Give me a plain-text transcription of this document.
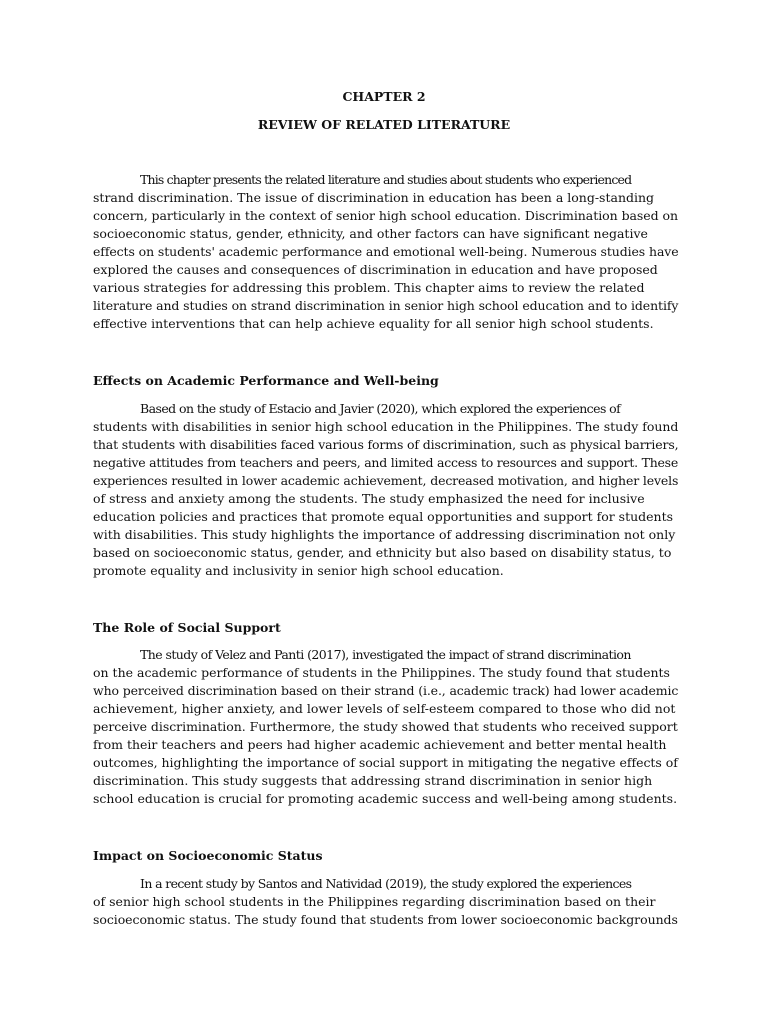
CHAPTER 2
REVIEW OF RELATED LITERATURE
This chapter presents the related literature and studies about students who experienced
strand discrimination. The issue of discrimination in education has been a long-standing
concern, particularly in the context of senior high school education. Discrimination based on
socioeconomic status, gender, ethnicity, and other factors can have significant negative
effects on students' academic performance and emotional well-being. Numerous studies have
explored the causes and consequences of discrimination in education and have proposed
various strategies for addressing this problem. This chapter aims to review the related
literature and studies on strand discrimination in senior high school education and to identify
effective interventions that can help achieve equality for all senior high school students.
Effects on Academic Performance and Well-being
Based on the study of Estacio and Javier (2020), which explored the experiences of
students with disabilities in senior high school education in the Philippines. The study found
that students with disabilities faced various forms of discrimination, such as physical barriers,
negative attitudes from teachers and peers, and limited access to resources and support. These
experiences resulted in lower academic achievement, decreased motivation, and higher levels
of stress and anxiety among the students. The study emphasized the need for inclusive
education policies and practices that promote equal opportunities and support for students
with disabilities. This study highlights the importance of addressing discrimination not only
based on socioeconomic status, gender, and ethnicity but also based on disability status, to
promote equality and inclusivity in senior high school education.
The Role of Social Support
The study of Velez and Panti (2017), investigated the impact of strand discrimination
on the academic performance of students in the Philippines. The study found that students
who perceived discrimination based on their strand (i.e., academic track) had lower academic
achievement, higher anxiety, and lower levels of self-esteem compared to those who did not
perceive discrimination. Furthermore, the study showed that students who received support
from their teachers and peers had higher academic achievement and better mental health
outcomes, highlighting the importance of social support in mitigating the negative effects of
discrimination. This study suggests that addressing strand discrimination in senior high
school education is crucial for promoting academic success and well-being among students.
Impact on Socioeconomic Status
In a recent study by Santos and Natividad (2019), the study explored the experiences
of senior high school students in the Philippines regarding discrimination based on their
socioeconomic status. The study found that students from lower socioeconomic backgrounds
